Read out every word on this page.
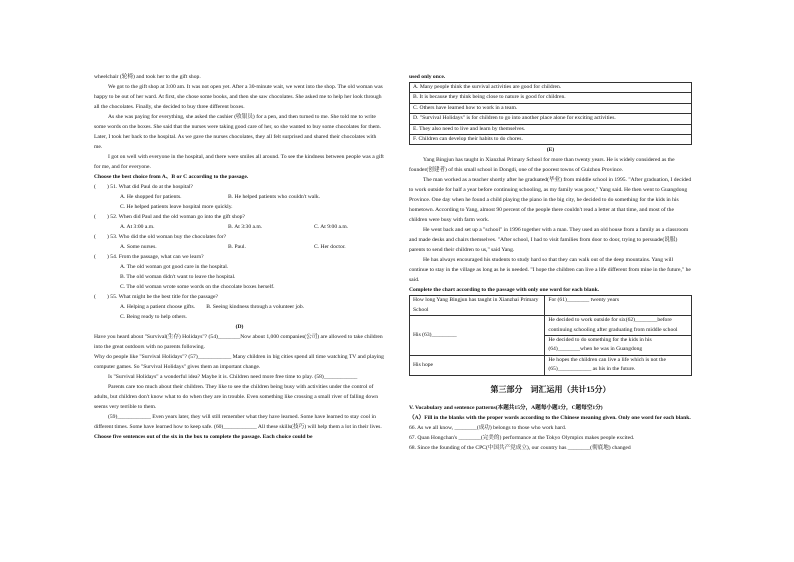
wheelchair (轮椅) and took her to the gift shop.

We got to the gift shop at 3:00 am. It was not open yet. After a 30-minute wait, we went into the shop. The old woman was happy to be out of her ward. At first, she chose some books, and then she saw chocolates. She asked me to help her look through all the chocolates. Finally, she decided to buy three different boxes.

As she was paying for everything, she asked the cashier (收银员) for a pen, and then turned to me. She told me to write some words on the boxes. She said that the nurses were taking good care of her, so she wanted to buy some chocolates for them. Later, I took her back to the hospital. As we gave the nurses chocolates, they all felt surprised and shared their chocolates with me.

I got on well with everyone in the hospital, and there were smiles all around. To see the kindness between people was a gift for me, and for everyone.

Choose the best choice from A、B or C according to the passage.

(　　) 51. What did Paul do at the hospital?

A. He shopped for patients.	B. He helped patients who couldn't walk.

C. He helped patients leave hospital more quickly.

(　　) 52. When did Paul and the old woman go into the gift shop?

A. At 3:00 a.m.	B. At 3:30 a.m.	C. At 9:00 a.m.

(　　) 53. Who did the old woman buy the chocolates for?

A. Some nurses.	B. Paul.	C. Her doctor.

(　　) 54. From the passage, what can we learn?

A. The old woman got good care in the hospital.

B. The old woman didn't want to leave the hospital.

C. The old woman wrote some words on the chocolate boxes herself.

(　　) 55. What might be the best title for the passage?

A. Helping a patient choose gifts.　　B. Seeing kindness through a volunteer job.

C. Being ready to help others.

(D)

Have you heard about "Survival(生存) Holidays"? (54)________Now about 1,000 companies(公司) are allowed to take children into the great outdoors with no parents following.

Why do people like "Survival Holidays"? (57)____________ Many children in big cities spend all time watching TV and playing computer games. So "Survival Holidays" gives them an important change.

Is "Survival Holidays" a wonderful idea? Maybe it is. Children need more free time to play. (58)____________

Parents care too much about their children. They like to see the children being busy with activities under the control of adults, but children don't know what to do when they are in trouble. Even something like crossing a small river of falling down seems very terrible to them.

(59)____________ Even years later, they will still remember what they have learned. Some have learned to stay cool in different times. Some have learned how to keep safe. (60)____________ All these skills(技巧) will help them a lot in their lives.

Choose five sentences out of the six in the box to complete the passage. Each choice could be

used only once.

A. Many people think the survival activities are good for children.
B. It is because they think being close to nature is good for children.
C. Others have learned how to work in a team.
D. "Survival Holidays" is for children to go into another place alone for exciting activities.
E. They also need to live and learn by themselves.
F. Children can develop their habits to do chores.

(E)

Yang Bingjun has taught in Xianzhai Primary School for more than twenty years. He is widely considered as the founder(创建者) of this small school in Dongdi, one of the poorest towns of Guizhou Province.

The man worked as a teacher shortly after he graduated(毕业) from middle school in 1995. "After graduation, I decided to work outside for half a year before continuing schooling, as my family was poor," Yang said. He then went to Guangdong Province. One day when he found a child playing the piano in the big city, he decided to do something for the kids in his hometown. According to Yang, almost 90 percent of the people there couldn't read a letter at that time, and most of the children were busy with farm work.

He went back and set up a "school" in 1996 together with a man. They used an old house from a family as a classroom and made desks and chairs themselves. "After school, I had to visit families from door to door, trying to persuade(说服) parents to send their children to us," said Yang.

He has always encouraged his students to study hard so that they can walk out of the deep mountains. Yang will continue to stay in the village as long as he is needed. "I hope the children can live a life different from mine in the future," he said.

Complete the chart according to the passage with only one word for each blank.

How long Yang Bingjun has taught in Xianzhai Primary School	For (61)________ twenty years
His (63)_________	He decided to work outside for six(62)________before continuing schooling after graduating from middle school
	He decided to do something for the kids in his (64)________when he was in Guangdong
His hope	He hopes the children can live a life which is not the (65)____________ as his in the future.

第三部分　词汇运用（共计15分）

V. Vocabulary and sentence patterns(本题共15分，A题每小题1分，C题每空1分)

（A）Fill in the blanks with the proper words according to the Chinese meaning given. Only one word for each blank.

66. As we all know, ________(成功) belongs to those who work hard.

67. Quan Hongchan's ________(完美的) performance at the Tokyo Olympics makes people excited.

68. Since the founding of the CPC(中国共产党成立), our country has ________(彻底地) changed
